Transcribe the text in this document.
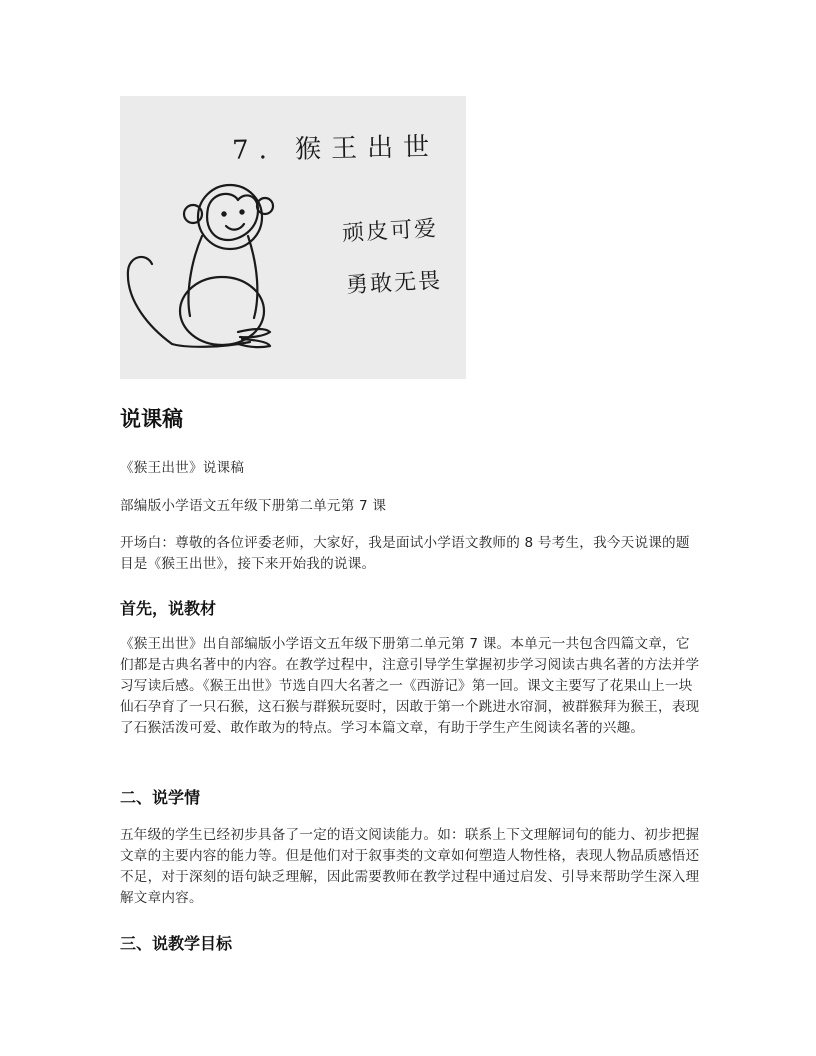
7. 猴王出世
顽皮可爱
勇敢无畏
说课稿

《猴王出世》说课稿

部编版小学语文五年级下册第二单元第 7 课

开场白：尊敬的各位评委老师，大家好，我是面试小学语文教师的 8 号考生，我今天说课的题目是《猴王出世》，接下来开始我的说课。

首先，说教材

《猴王出世》出自部编版小学语文五年级下册第二单元第 7 课。本单元一共包含四篇文章，它们都是古典名著中的内容。在教学过程中，注意引导学生掌握初步学习阅读古典名著的方法并学习写读后感。《猴王出世》节选自四大名著之一《西游记》第一回。课文主要写了花果山上一块仙石孕育了一只石猴，这石猴与群猴玩耍时，因敢于第一个跳进水帘洞，被群猴拜为猴王，表现了石猴活泼可爱、敢作敢为的特点。学习本篇文章，有助于学生产生阅读名著的兴趣。

二、说学情

五年级的学生已经初步具备了一定的语文阅读能力。如：联系上下文理解词句的能力、初步把握文章的主要内容的能力等。但是他们对于叙事类的文章如何塑造人物性格，表现人物品质感悟还不足，对于深刻的语句缺乏理解，因此需要教师在教学过程中通过启发、引导来帮助学生深入理解文章内容。

三、说教学目标
